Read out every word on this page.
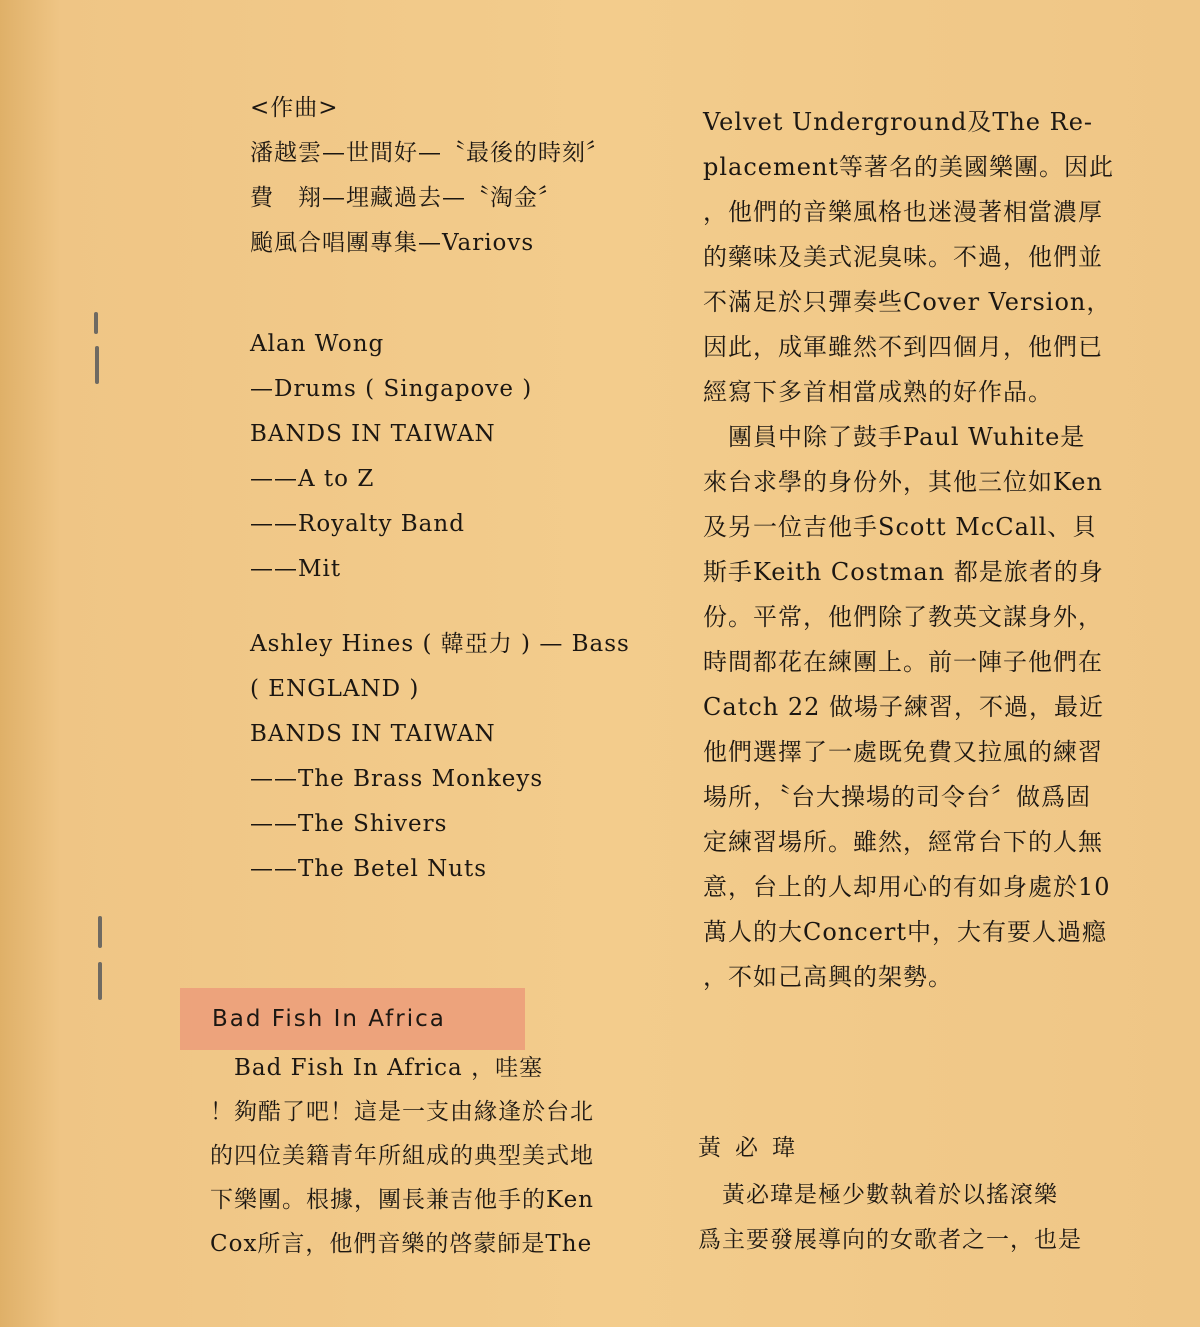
<作曲>
潘越雲—世間好—〝最後的時刻〞
費　翔—埋藏過去—〝淘金〞
颱風合唱團專集—Variovs
Alan Wong
—Drums ( Singapove )
BANDS IN TAIWAN
——A to Z
——Royalty Band
——Mit
Ashley Hines ( 韓亞力 ) — Bass
( ENGLAND )
BANDS IN TAIWAN
——The Brass Monkeys
——The Shivers
——The Betel Nuts
Velvet Underground及The Re-
placement等著名的美國樂團。因此
，他們的音樂風格也迷漫著相當濃厚
的藥味及美式泥臭味。不過，他們並
不滿足於只彈奏些Cover Version，
因此，成軍雖然不到四個月，他們已
經寫下多首相當成熟的好作品。
　團員中除了鼓手Paul Wuhite是
來台求學的身份外，其他三位如Ken
及另一位吉他手Scott McCall、貝
斯手Keith Costman 都是旅者的身
份。平常，他們除了教英文謀身外，
時間都花在練團上。前一陣子他們在
Catch 22 做場子練習，不過，最近
他們選擇了一處既免費又拉風的練習
場所，〝台大操場的司令台〞做爲固
定練習場所。雖然，經常台下的人無
意，台上的人却用心的有如身處於10
萬人的大Concert中，大有要人過瘾
，不如己高興的架勢。
Bad Fish In Africa
　Bad Fish In Africa ，哇塞
！夠酷了吧！這是一支由緣逢於台北
的四位美籍青年所組成的典型美式地
下樂團。根據，團長兼吉他手的Ken
Cox所言，他們音樂的啓蒙師是The
黃必瑋
　黃必瑋是極少數執着於以搖滾樂
爲主要發展導向的女歌者之一，也是
